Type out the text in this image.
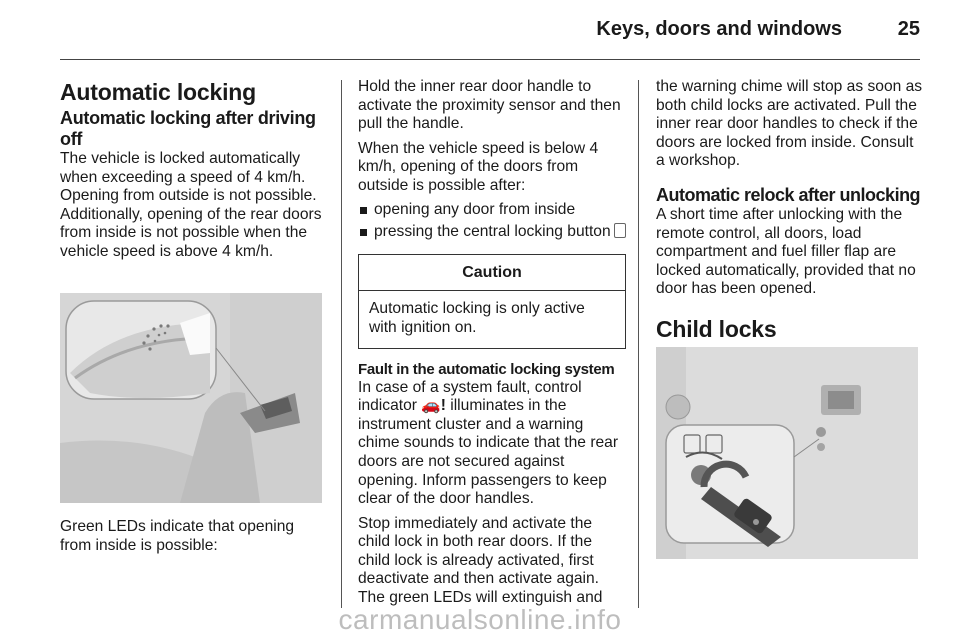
Keys, doors and windows	25
Automatic locking
Automatic locking after driving off

The vehicle is locked automatically when exceeding a speed of 4 km/h. Opening from outside is not possible. Additionally, opening of the rear doors from inside is not possible when the vehicle speed is above 4 km/h.

Green LEDs indicate that opening from inside is possible:

Hold the inner rear door handle to activate the proximity sensor and then pull the handle.

When the vehicle speed is below 4 km/h, opening of the doors from outside is possible after:

opening any door from inside
pressing the central locking button
Caution
Automatic locking is only active with ignition on.
Fault in the automatic locking system

In case of a system fault, control indicator 🚗! illuminates in the instrument cluster and a warning chime sounds to indicate that the rear doors are not secured against opening. Inform passengers to keep clear of the door handles.

Stop immediately and activate the child lock in both rear doors. If the child lock is already activated, first deactivate and then activate again. The green LEDs will extinguish and

the warning chime will stop as soon as both child locks are activated. Pull the inner rear door handles to check if the doors are locked from inside. Consult a workshop.

Automatic relock after unlocking

A short time after unlocking with the remote control, all doors, load compartment and fuel filler flap are locked automatically, provided that no door has been opened.

Child locks
carmanualsonline.info
